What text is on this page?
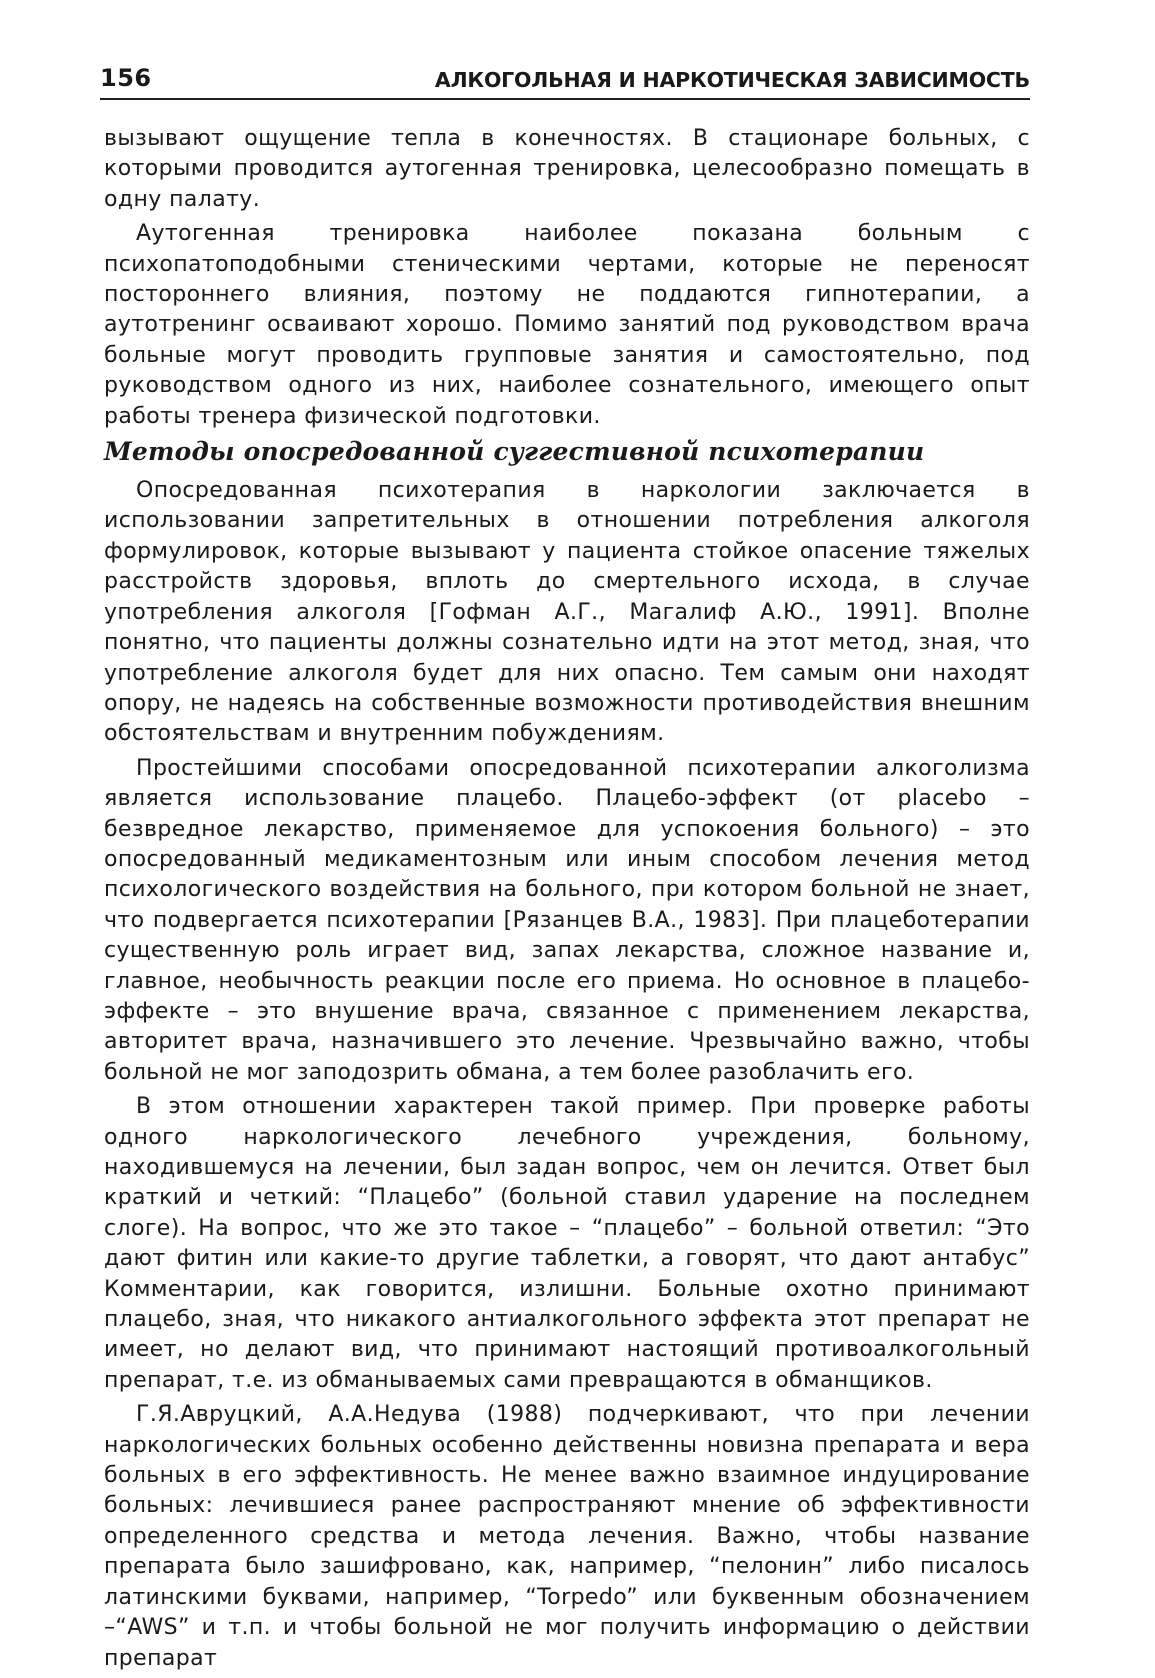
156	АЛКОГОЛЬНАЯ И НАРКОТИЧЕСКАЯ ЗАВИСИМОСТЬ

вызывают ощущение тепла в конечностях. В стационаре больных, с которыми проводится аутогенная тренировка, целесообразно помещать в одну палату.

Аутогенная тренировка наиболее показана больным с психопатоподобными стеническими чертами, которые не переносят постороннего влияния, поэтому не поддаются гипнотерапии, а аутотренинг осваивают хорошо. Помимо занятий под руководством врача больные могут проводить групповые занятия и самостоятельно, под руководством одного из них, наиболее сознательного, имеющего опыт работы тренера физической подготовки.

Методы опосредованной суггестивной психотерапии

Опосредованная психотерапия в наркологии заключается в использовании запретительных в отношении потребления алкоголя формулировок, которые вызывают у пациента стойкое опасение тяжелых расстройств здоровья, вплоть до смертельного исхода, в случае употребления алкоголя [Гофман А.Г., Магалиф А.Ю., 1991]. Вполне понятно, что пациенты должны сознательно идти на этот метод, зная, что употребление алкоголя будет для них опасно. Тем самым они находят опору, не надеясь на собственные возможности противодействия внешним обстоятельствам и внутренним побуждениям.

Простейшими способами опосредованной психотерапии алкоголизма является использование плацебо. Плацебо-эффект (от placebo – безвредное лекарство, применяемое для успокоения больного) – это опосредованный медикаментозным или иным способом лечения метод психологического воздействия на больного, при котором больной не знает, что подвергается психотерапии [Рязанцев В.А., 1983]. При плацеботерапии существенную роль играет вид, запах лекарства, сложное название и, главное, необычность реакции после его приема. Но основное в плацебо-эффекте – это внушение врача, связанное с применением лекарства, авторитет врача, назначившего это лечение. Чрезвычайно важно, чтобы больной не мог заподозрить обмана, а тем более разоблачить его.

В этом отношении характерен такой пример. При проверке работы одного наркологического лечебного учреждения, больному, находившемуся на лечении, был задан вопрос, чем он лечится. Ответ был краткий и четкий: “Плацебо” (больной ставил ударение на последнем слоге). На вопрос, что же это такое – “плацебо” – больной ответил: “Это дают фитин или какие-то другие таблетки, а говорят, что дают антабус” Комментарии, как говорится, излишни. Больные охотно принимают плацебо, зная, что никакого антиалкогольного эффекта этот препарат не имеет, но делают вид, что принимают настоящий противоалкогольный препарат, т.е. из обманываемых сами превращаются в обманщиков.

Г.Я.Авруцкий, А.А.Недува (1988) подчеркивают, что при лечении наркологических больных особенно действенны новизна препарата и вера больных в его эффективность. Не менее важно взаимное индуцирование больных: лечившиеся ранее распространяют мнение об эффективности определенного средства и метода лечения. Важно, чтобы название препарата было зашифровано, как, например, “пелонин” либо писалось латинскими буквами, например, “Torpedo” или буквенным обозначением –“AWS” и т.п. и чтобы больной не мог получить информацию о действии препарат
